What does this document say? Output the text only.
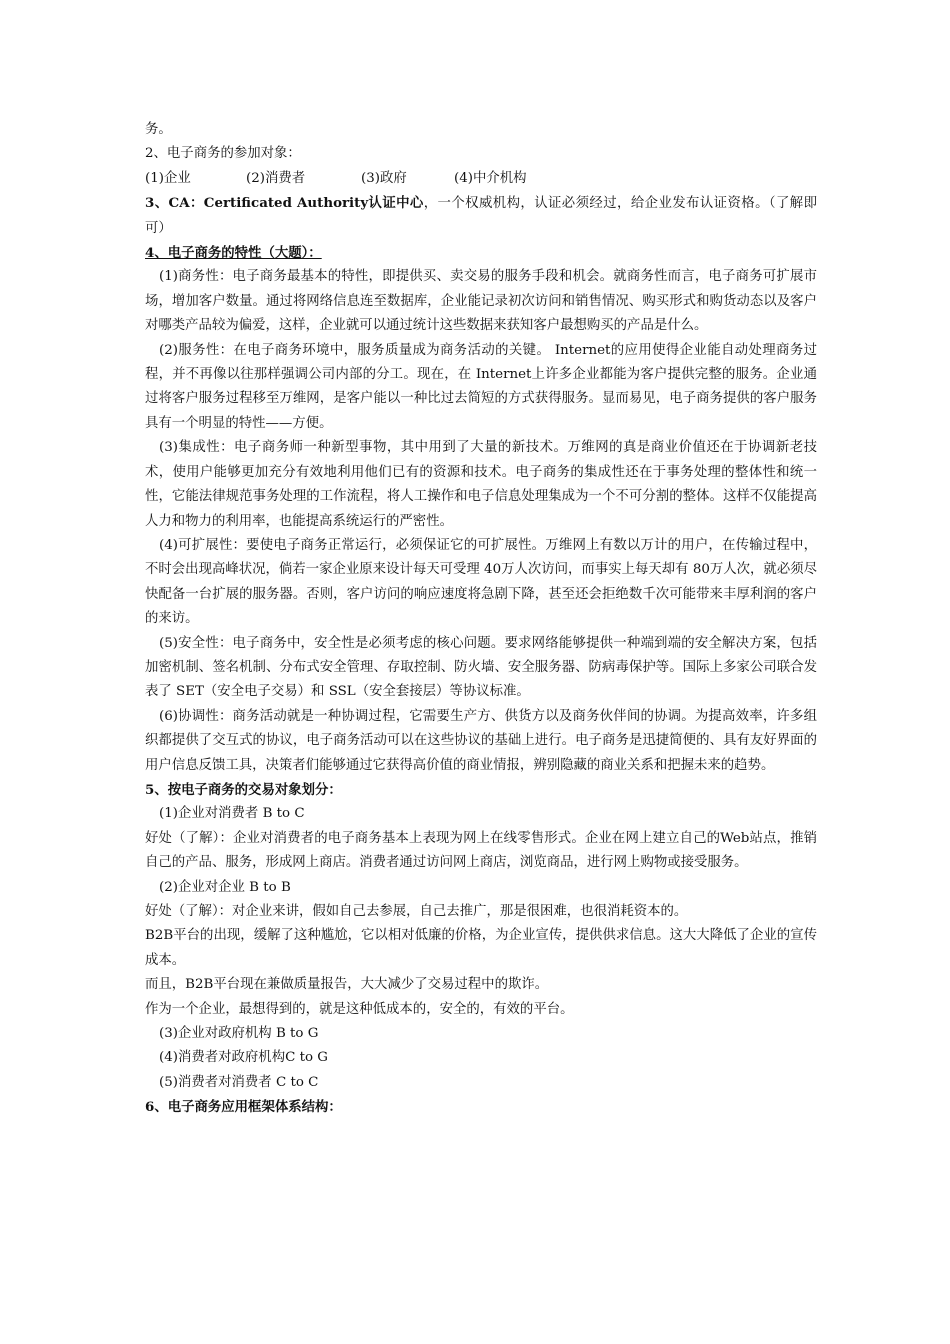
务。

2、电子商务的参加对象：

(1)企业	(2)消费者	(3)政府	(4)中介机构

3、CA：Certificated Authority认证中心，一个权威机构，认证必须经过，给企业发布认证资格。（了解即可）

4、电子商务的特性（大题）：

(1)商务性：电子商务最基本的特性，即提供买、卖交易的服务手段和机会。就商务性而言，电子商务可扩展市场，增加客户数量。通过将网络信息连至数据库，企业能记录初次访问和销售情况、购买形式和购货动态以及客户对哪类产品较为偏爱，这样，企业就可以通过统计这些数据来获知客户最想购买的产品是什么。

(2)服务性：在电子商务环境中，服务质量成为商务活动的关键。 Internet的应用使得企业能自动处理商务过程，并不再像以往那样强调公司内部的分工。现在，在 Internet上许多企业都能为客户提供完整的服务。企业通过将客户服务过程移至万维网，是客户能以一种比过去简短的方式获得服务。显而易见，电子商务提供的客户服务具有一个明显的特性——方便。

(3)集成性：电子商务师一种新型事物，其中用到了大量的新技术。万维网的真是商业价值还在于协调新老技术，使用户能够更加充分有效地利用他们已有的资源和技术。电子商务的集成性还在于事务处理的整体性和统一性，它能法律规范事务处理的工作流程，将人工操作和电子信息处理集成为一个不可分割的整体。这样不仅能提高人力和物力的利用率，也能提高系统运行的严密性。

(4)可扩展性：要使电子商务正常运行，必须保证它的可扩展性。万维网上有数以万计的用户，在传输过程中，不时会出现高峰状况，倘若一家企业原来设计每天可受理 40万人次访问，而事实上每天却有 80万人次，就必须尽快配备一台扩展的服务器。否则，客户访问的响应速度将急剧下降，甚至还会拒绝数千次可能带来丰厚利润的客户的来访。

(5)安全性：电子商务中，安全性是必须考虑的核心问题。要求网络能够提供一种端到端的安全解决方案，包括加密机制、签名机制、分布式安全管理、存取控制、防火墙、安全服务器、防病毒保护等。国际上多家公司联合发表了 SET（安全电子交易）和 SSL（安全套接层）等协议标准。

(6)协调性：商务活动就是一种协调过程，它需要生产方、供货方以及商务伙伴间的协调。为提高效率，许多组织都提供了交互式的协议，电子商务活动可以在这些协议的基础上进行。电子商务是迅捷简便的、具有友好界面的用户信息反馈工具，决策者们能够通过它获得高价值的商业情报，辨别隐藏的商业关系和把握未来的趋势。

5、按电子商务的交易对象划分：

(1)企业对消费者 B to C

好处（了解）：企业对消费者的电子商务基本上表现为网上在线零售形式。企业在网上建立自己的Web站点，推销自己的产品、服务，形成网上商店。消费者通过访问网上商店，浏览商品，进行网上购物或接受服务。

(2)企业对企业 B to B

好处（了解）：对企业来讲，假如自己去参展，自己去推广，那是很困难，也很消耗资本的。

B2B平台的出现，缓解了这种尴尬，它以相对低廉的价格，为企业宣传，提供供求信息。这大大降低了企业的宣传成本。

而且，B2B平台现在兼做质量报告，大大减少了交易过程中的欺诈。

作为一个企业，最想得到的，就是这种低成本的，安全的，有效的平台。

(3)企业对政府机构 B to G

(4)消费者对政府机构C to G

(5)消费者对消费者 C to C

6、电子商务应用框架体系结构：
